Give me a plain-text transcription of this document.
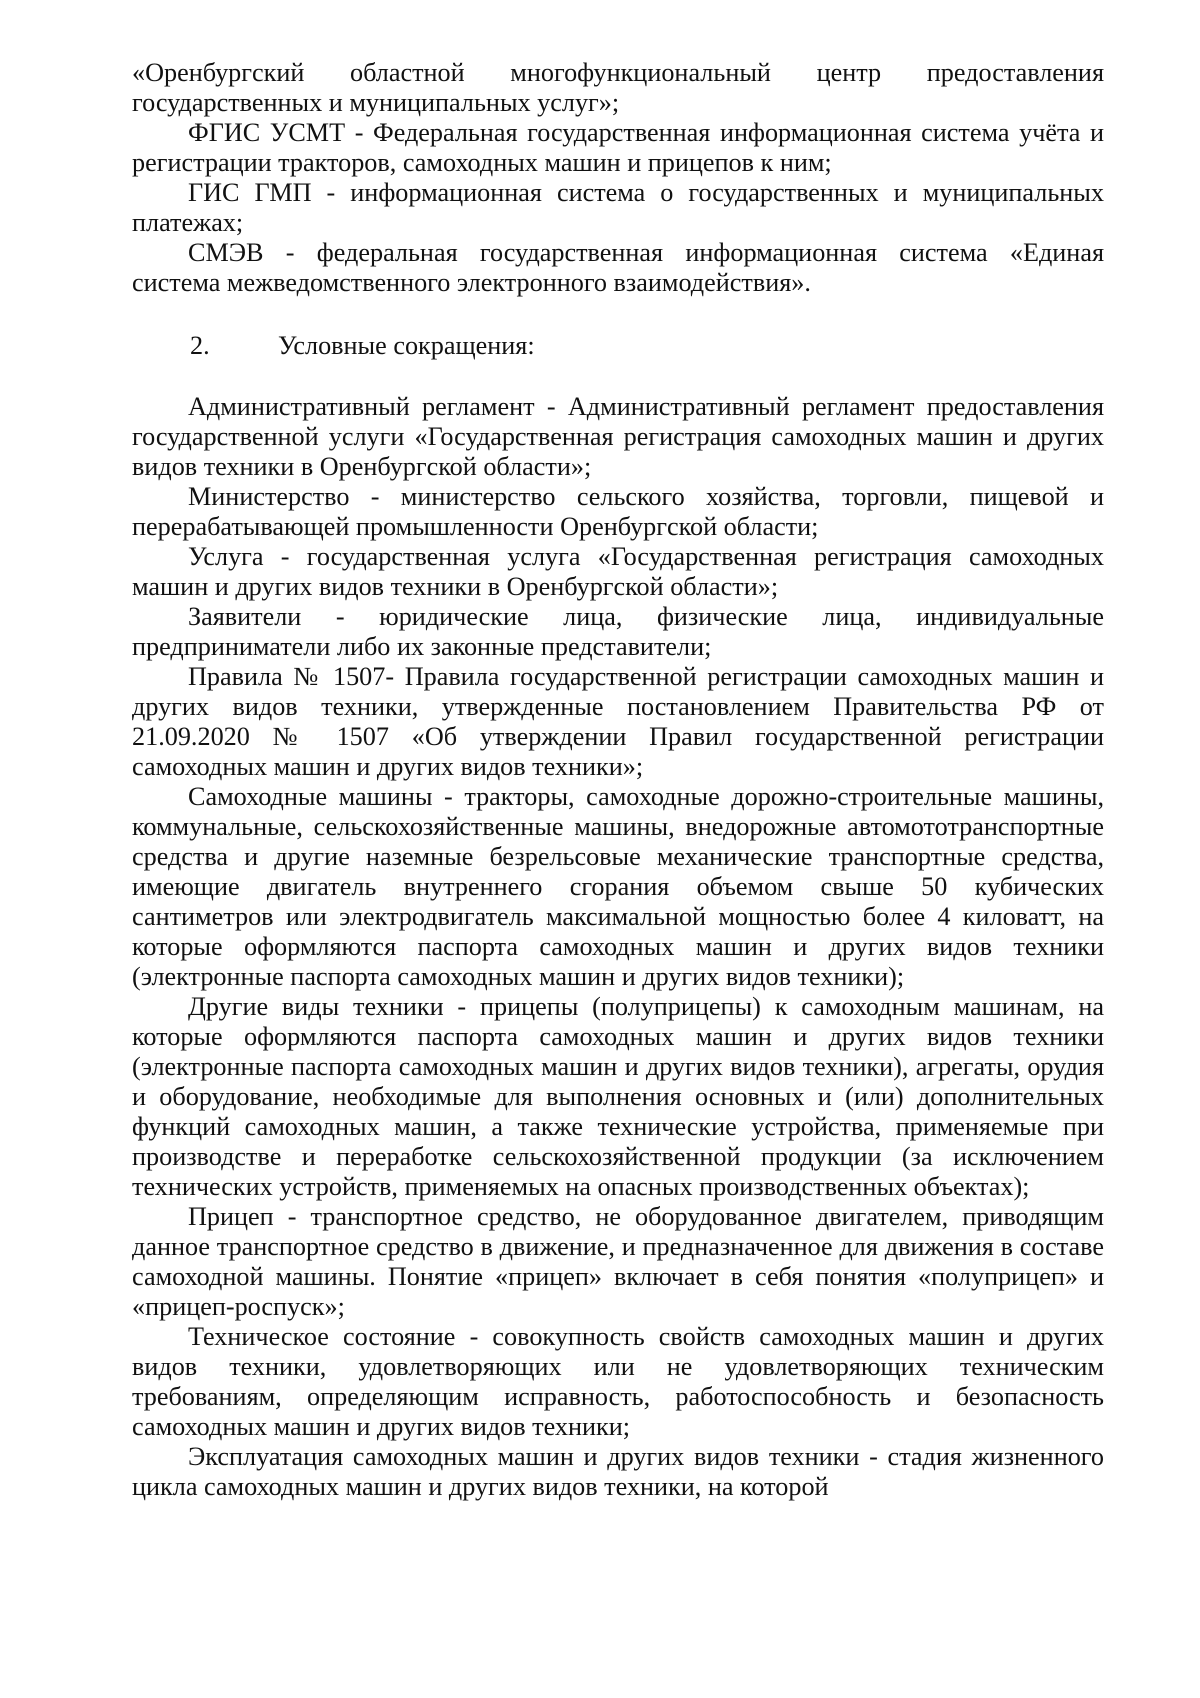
«Оренбургский областной многофункциональный центр предоставления государственных и муниципальных услуг»;

ФГИС УСМТ - Федеральная государственная информационная система учёта и регистрации тракторов, самоходных машин и прицепов к ним;

ГИС ГМП - информационная система о государственных и муниципальных платежах;

СМЭВ - федеральная государственная информационная система «Единая система межведомственного электронного взаимодействия».

2.	Условные сокращения:

Административный регламент - Административный регламент предоставления государственной услуги «Государственная регистрация самоходных машин и других видов техники в Оренбургской области»;

Министерство - министерство сельского хозяйства, торговли, пищевой и перерабатывающей промышленности Оренбургской области;

Услуга - государственная услуга «Государственная регистрация самоходных машин и других видов техники в Оренбургской области»;

Заявители - юридические лица, физические лица, индивидуальные предприниматели либо их законные представители;

Правила № 1507- Правила государственной регистрации самоходных машин и других видов техники, утвержденные постановлением Правительства РФ от 21.09.2020 № 1507 «Об утверждении Правил государственной регистрации самоходных машин и других видов техники»;

Самоходные машины - тракторы, самоходные дорожно-строительные машины, коммунальные, сельскохозяйственные машины, внедорожные автомототранспортные средства и другие наземные безрельсовые механические транспортные средства, имеющие двигатель внутреннего сгорания объемом свыше 50 кубических сантиметров или электродвигатель максимальной мощностью более 4 киловатт, на которые оформляются паспорта самоходных машин и других видов техники (электронные паспорта самоходных машин и других видов техники);

Другие виды техники - прицепы (полуприцепы) к самоходным машинам, на которые оформляются паспорта самоходных машин и других видов техники (электронные паспорта самоходных машин и других видов техники), агрегаты, орудия и оборудование, необходимые для выполнения основных и (или) дополнительных функций самоходных машин, а также технические устройства, применяемые при производстве и переработке сельскохозяйственной продукции (за исключением технических устройств, применяемых на опасных производственных объектах);

Прицеп - транспортное средство, не оборудованное двигателем, приводящим данное транспортное средство в движение, и предназначенное для движения в составе самоходной машины. Понятие «прицеп» включает в себя понятия «полуприцеп» и «прицеп-роспуск»;

Техническое состояние - совокупность свойств самоходных машин и других видов техники, удовлетворяющих или не удовлетворяющих техническим требованиям, определяющим исправность, работоспособность и безопасность самоходных машин и других видов техники;

Эксплуатация самоходных машин и других видов техники - стадия жизненного цикла самоходных машин и других видов техники, на которой
